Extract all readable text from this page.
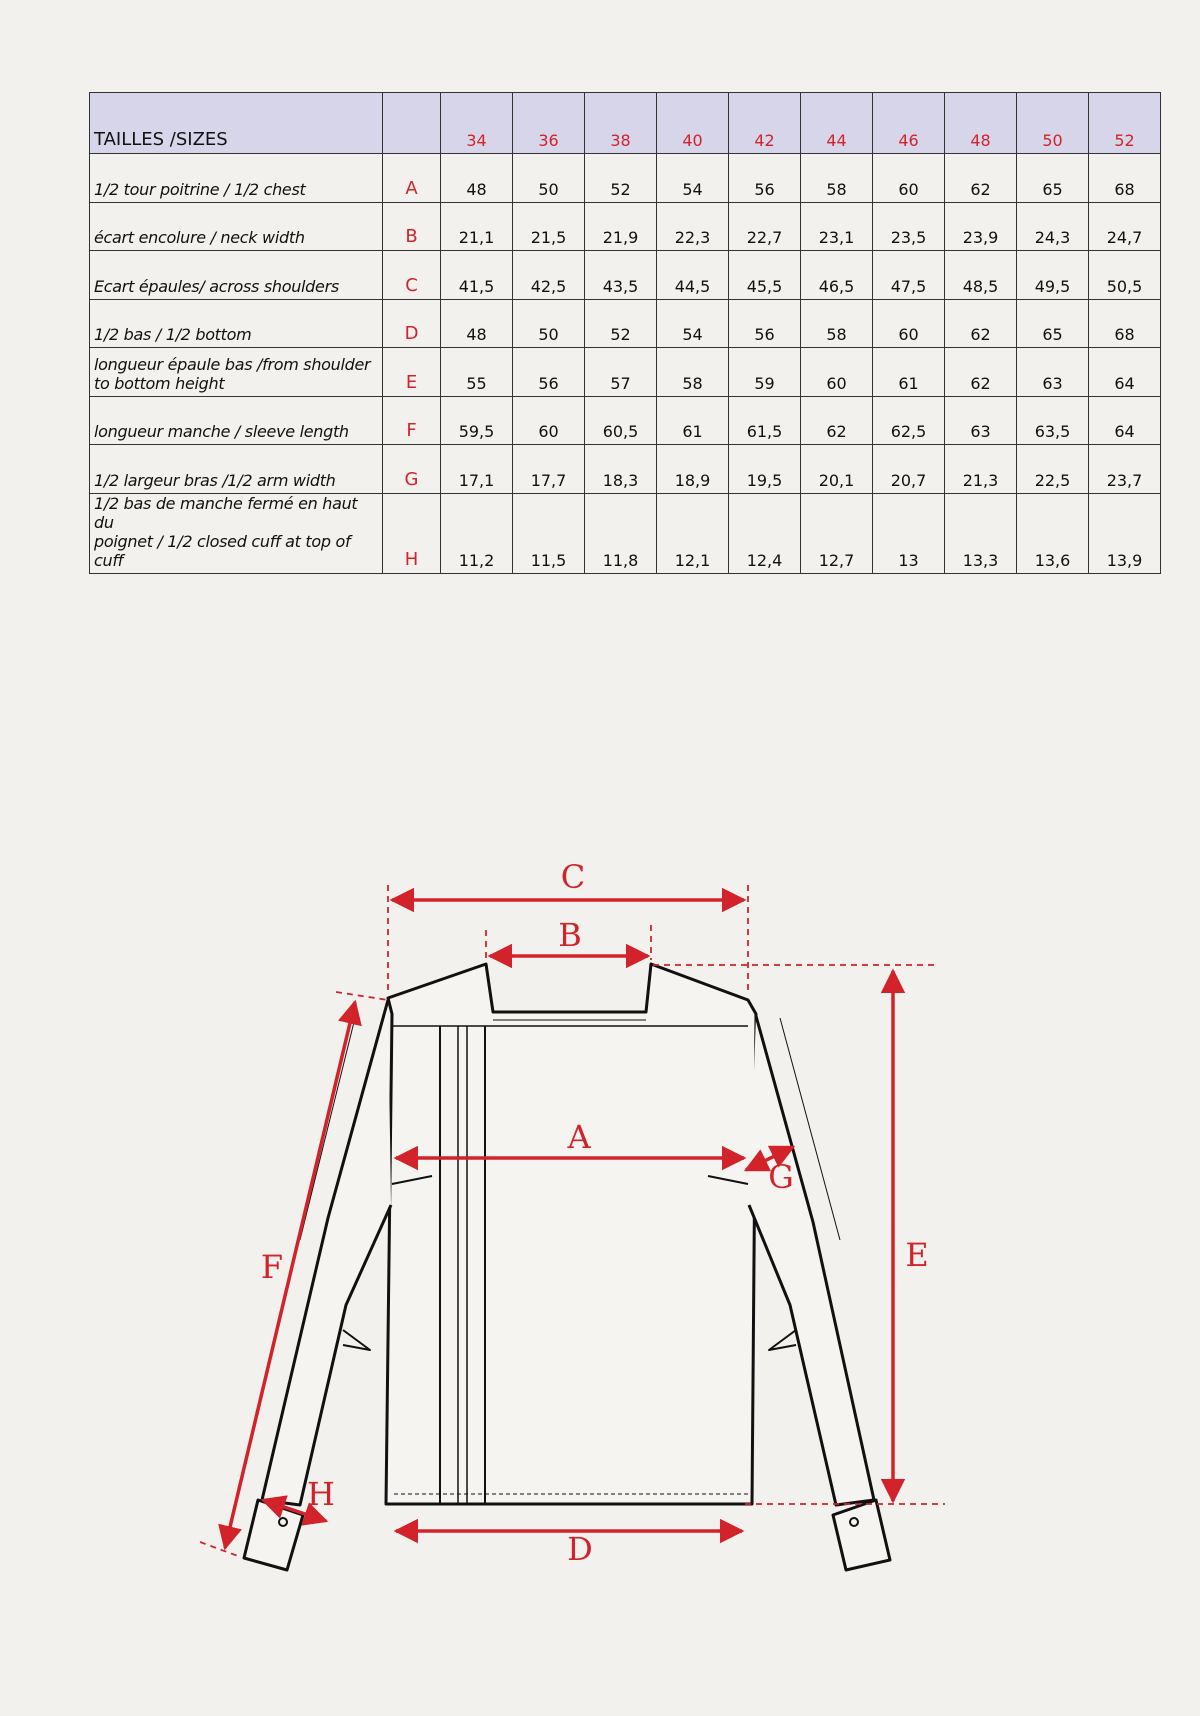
TAILLES /SIZES		34	36	38	40	42	44	46	48	50	52

1/2 tour poitrine / 1/2 chest	A	48	50	52	54	56	58	60	62	65	68

écart encolure / neck width	B	21,1	21,5	21,9	22,3	22,7	23,1	23,5	23,9	24,3	24,7

Ecart épaules/ across shoulders	C	41,5	42,5	43,5	44,5	45,5	46,5	47,5	48,5	49,5	50,5

1/2 bas / 1/2 bottom	D	48	50	52	54	56	58	60	62	65	68

longueur épaule bas /from shoulder
to bottom height	E	55	56	57	58	59	60	61	62	63	64

longueur manche / sleeve length	F	59,5	60	60,5	61	61,5	62	62,5	63	63,5	64

1/2 largeur bras /1/2 arm width	G	17,1	17,7	18,3	18,9	19,5	20,1	20,7	21,3	22,5	23,7

1/2 bas de manche fermé en haut du
poignet / 1/2 closed cuff at top of cuff	H	11,2	11,5	11,8	12,1	12,4	12,7	13	13,3	13,6	13,9
C
B
A
D
E
F
G
H
